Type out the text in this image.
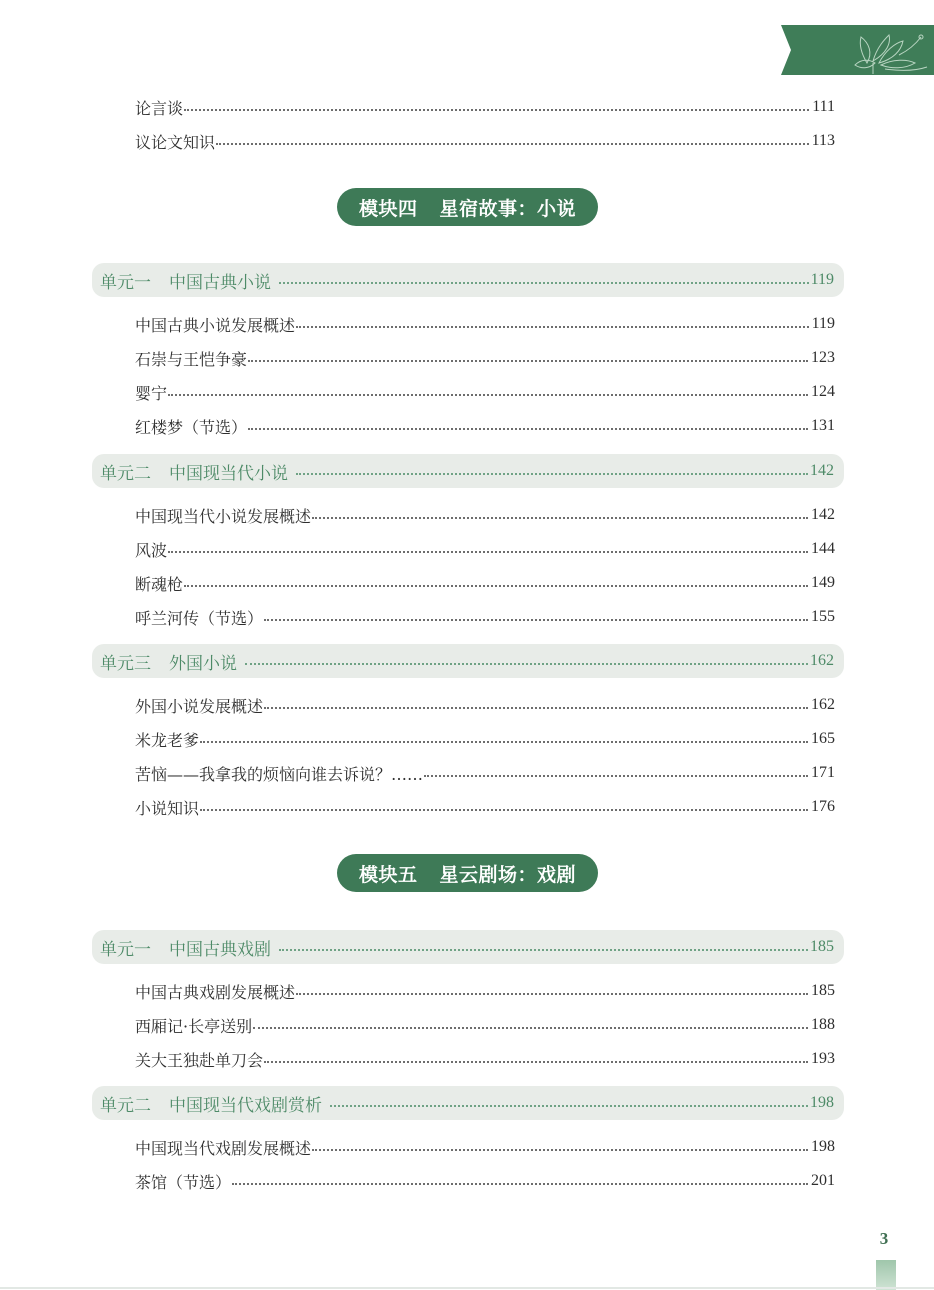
论言谈	111
议论文知识	113
模块四 星宿故事：小说
单元一 中国古典小说	119
中国古典小说发展概述	119
石崇与王恺争豪	123
婴宁	124
红楼梦（节选）	131
单元二 中国现当代小说	142
中国现当代小说发展概述	142
风波	144
断魂枪	149
呼兰河传（节选）	155
单元三 外国小说	162
外国小说发展概述	162
米龙老爹	165
苦恼——我拿我的烦恼向谁去诉说？……	171
小说知识	176
模块五 星云剧场：戏剧
单元一 中国古典戏剧	185
中国古典戏剧发展概述	185
西厢记·长亭送别	188
关大王独赴单刀会	193
单元二 中国现当代戏剧赏析	198
中国现当代戏剧发展概述	198
茶馆（节选）	201
3
